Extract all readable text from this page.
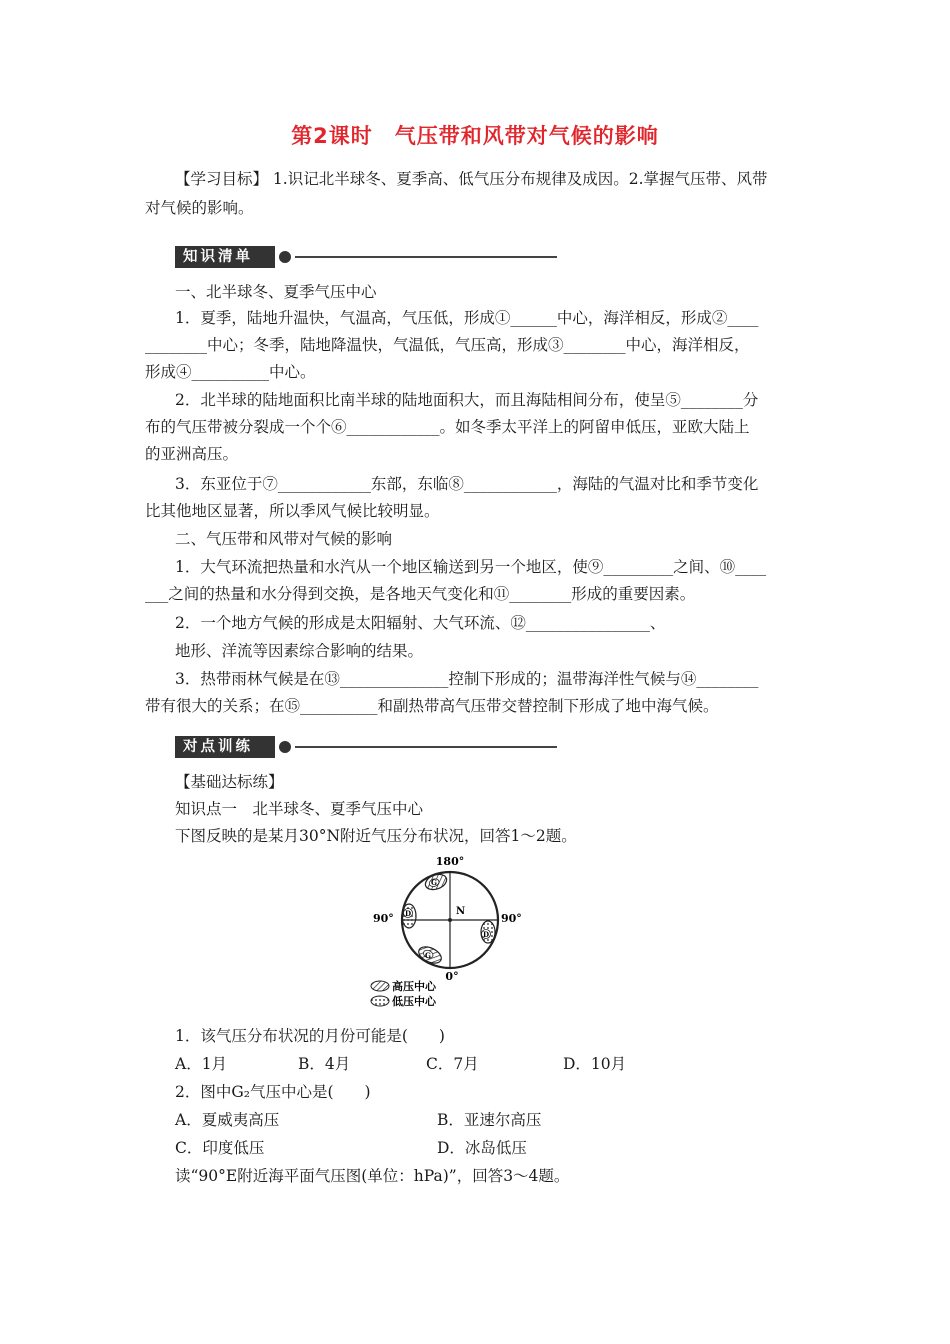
第2课时　气压带和风带对气候的影响
【学习目标】 1.识记北半球冬、夏季高、低气压分布规律及成因。2.掌握气压带、风带
对气候的影响。
知识清单
一、北半球冬、夏季气压中心
1．夏季，陆地升温快，气温高，气压低，形成①______中心，海洋相反，形成②____
________中心；冬季，陆地降温快，气温低，气压高，形成③________中心，海洋相反，
形成④__________中心。
2．北半球的陆地面积比南半球的陆地面积大，而且海陆相间分布，使呈⑤________分
布的气压带被分裂成一个个⑥____________。如冬季太平洋上的阿留申低压，亚欧大陆上
的亚洲高压。
3．东亚位于⑦____________东部，东临⑧____________，海陆的气温对比和季节变化
比其他地区显著，所以季风气候比较明显。
二、气压带和风带对气候的影响
1．大气环流把热量和水汽从一个地区输送到另一个地区，使⑨_________之间、⑩____
___之间的热量和水分得到交换，是各地天气变化和⑪________形成的重要因素。
2．一个地方气候的形成是太阳辐射、大气环流、⑫________________、
地形、洋流等因素综合影响的结果。
3．热带雨林气候是在⑬______________控制下形成的；温带海洋性气候与⑭________
带有很大的关系；在⑮__________和副热带高气压带交替控制下形成了地中海气候。
对点训练
【基础达标练】
知识点一　北半球冬、夏季气压中心
下图反映的是某月30°N附近气压分布状况，回答1～2题。
180°
0°
90°	90°
N
G
D
D
G
高压中心
低压中心
1．该气压分布状况的月份可能是(　　)
A．1月	B．4月	C．7月	D．10月
2．图中G₂气压中心是(　　)
A．夏威夷高压	B．亚速尔高压
C．印度低压	D．冰岛低压
读“90°E附近海平面气压图(单位：hPa)”，回答3～4题。
